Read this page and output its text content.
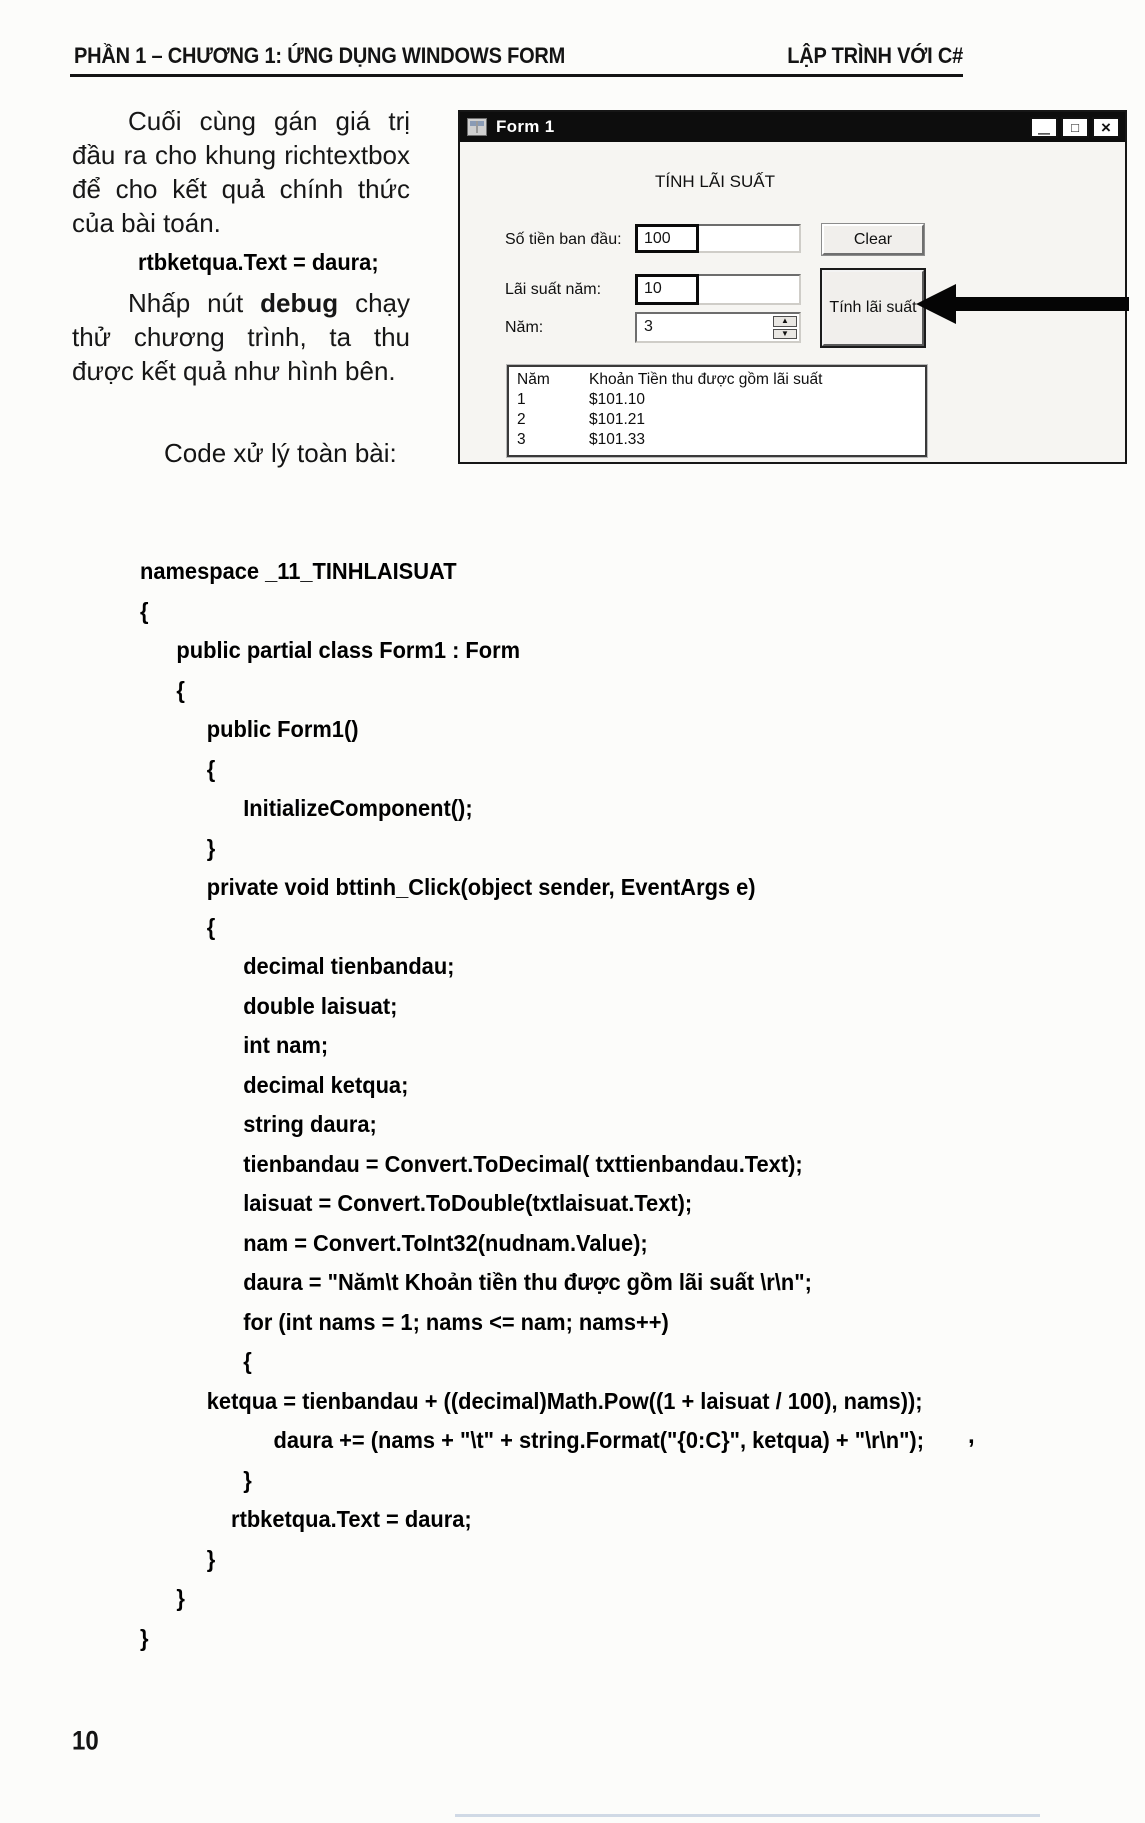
PHẦN 1 – CHƯƠNG 1: ỨNG DỤNG WINDOWS FORM	LẬP TRÌNH VỚI C#

Cuối cùng gán giá trị đầu ra cho khung richtextbox để cho kết quả chính thức của bài toán.

rtbketqua.Text = daura;

Nhấp nút debug chạy thử chương trình, ta thu được kết quả như hình bên.

Code xử lý toàn bài:
Form 1	— □ ×
TÍNH LÃI SUẤT
Số tiền ban đầu:	100
Lãi suất năm:	10
Năm:	3	▲
▼
Clear
Tính lãi suất
Năm	Khoản Tiền thu được gồm lãi suất
1	$101.10
2	$101.21
3	$101.33
namespace _11_TINHLAISUAT
{
public partial class Form1 : Form
{
public Form1()
{
InitializeComponent();
}
private void bttinh_Click(object sender, EventArgs e)
{
decimal tienbandau;
double laisuat;
int nam;
decimal ketqua;
string daura;
tienbandau = Convert.ToDecimal( txttienbandau.Text);
laisuat = Convert.ToDouble(txtlaisuat.Text);
nam = Convert.ToInt32(nudnam.Value);
daura = "Năm\t Khoản tiền thu được gồm lãi suất \r\n";
for (int nams = 1; nams <= nam; nams++)
{
ketqua = tienbandau + ((decimal)Math.Pow((1 + laisuat / 100), nams));
daura += (nams + "\t" + string.Format("{0:C}", ketqua) + "\r\n");
}
rtbketqua.Text = daura;
}
}
}
,
10
